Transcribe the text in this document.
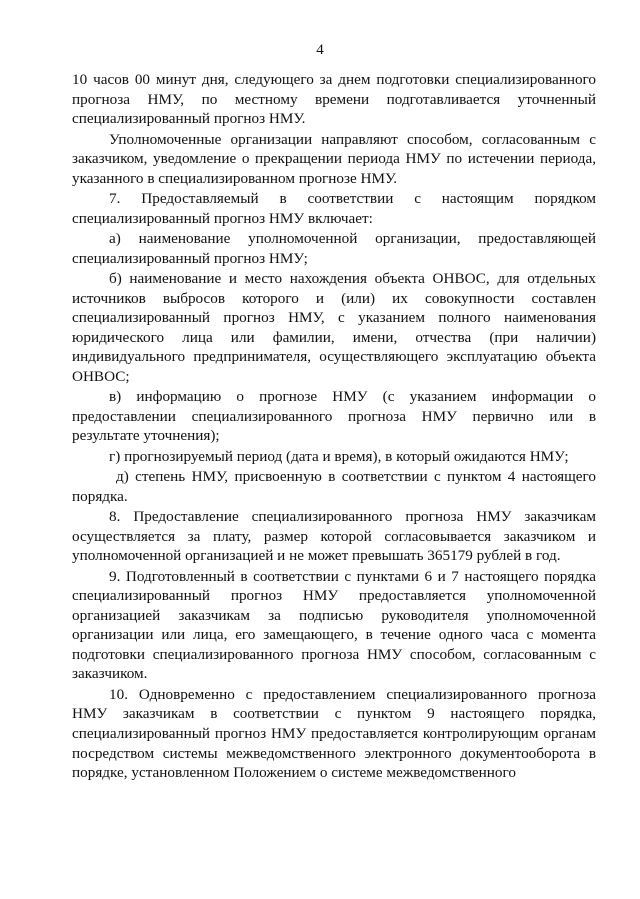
4

10 часов 00 минут дня, следующего за днем подготовки специализированного прогноза НМУ, по местному времени подготавливается уточненный специализированный прогноз НМУ.

Уполномоченные организации направляют способом, согласованным с заказчиком, уведомление о прекращении периода НМУ по истечении периода, указанного в специализированном прогнозе НМУ.

7. Предоставляемый в соответствии с настоящим порядком специализированный прогноз НМУ включает:

а) наименование уполномоченной организации, предоставляющей специализированный прогноз НМУ;

б) наименование и место нахождения объекта ОНВОС, для отдельных источников выбросов которого и (или) их совокупности составлен специализированный прогноз НМУ, с указанием полного наименования юридического лица или фамилии, имени, отчества (при наличии) индивидуального предпринимателя, осуществляющего эксплуатацию объекта ОНВОС;

в) информацию о прогнозе НМУ (с указанием информации о предоставлении специализированного прогноза НМУ первично или в результате уточнения);

г) прогнозируемый период (дата и время), в который ожидаются НМУ;

д) степень НМУ, присвоенную в соответствии с пунктом 4 настоящего порядка.

8. Предоставление специализированного прогноза НМУ заказчикам осуществляется за плату, размер которой согласовывается заказчиком и уполномоченной организацией и не может превышать 365179 рублей в год.

9. Подготовленный в соответствии с пунктами 6 и 7 настоящего порядка специализированный прогноз НМУ предоставляется уполномоченной организацией заказчикам за подписью руководителя уполномоченной организации или лица, его замещающего, в течение одного часа с момента подготовки специализированного прогноза НМУ способом, согласованным с заказчиком.

10. Одновременно с предоставлением специализированного прогноза НМУ заказчикам в соответствии с пунктом 9 настоящего порядка, специализированный прогноз НМУ предоставляется контролирующим органам посредством системы межведомственного электронного документооборота в порядке, установленном Положением о системе межведомственного
